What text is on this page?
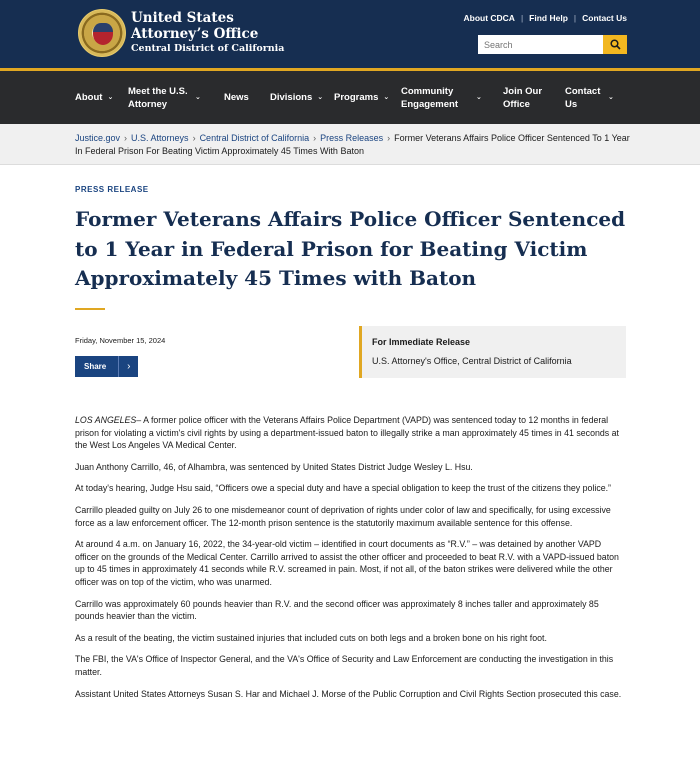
United States
Attorney’s Office
Central District of California
About CDCA | Find Help | Contact Us
Search
About ⌄
Meet the U.S. Attorney
⌄ News Divisions ⌄ Programs ⌄
Community Engagement
⌄
Join Our Office
Contact Us
⌄
Justice.gov › U.S. Attorneys › Central District of California › Press Releases › Former Veterans Affairs Police Officer Sentenced To 1 Year In Federal Prison For Beating Victim Approximately 45 Times With Baton
PRESS RELEASE
Former Veterans Affairs Police Officer Sentenced to 1 Year in Federal Prison for Beating Victim Approximately 45 Times with Baton
Friday, November 15, 2024
Share	›
For Immediate Release
U.S. Attorney's Office, Central District of California

LOS ANGELES– A former police officer with the Veterans Affairs Police Department (VAPD) was sentenced today to 12 months in federal prison for violating a victim's civil rights by using a department-issued baton to illegally strike a man approximately 45 times in 41 seconds at the West Los Angeles VA Medical Center.

Juan Anthony Carrillo, 46, of Alhambra, was sentenced by United States District Judge Wesley L. Hsu.

At today's hearing, Judge Hsu said, “Officers owe a special duty and have a special obligation to keep the trust of the citizens they police.”

Carrillo pleaded guilty on July 26 to one misdemeanor count of deprivation of rights under color of law and specifically, for using excessive force as a law enforcement officer. The 12-month prison sentence is the statutorily maximum available sentence for this offense.

At around 4 a.m. on January 16, 2022, the 34-year-old victim – identified in court documents as “R.V.” – was detained by another VAPD officer on the grounds of the Medical Center. Carrillo arrived to assist the other officer and proceeded to beat R.V. with a VAPD-issued baton up to 45 times in approximately 41 seconds while R.V. screamed in pain. Most, if not all, of the baton strikes were delivered while the other officer was on top of the victim, who was unarmed.

Carrillo was approximately 60 pounds heavier than R.V. and the second officer was approximately 8 inches taller and approximately 85 pounds heavier than the victim.

As a result of the beating, the victim sustained injuries that included cuts on both legs and a broken bone on his right foot.

The FBI, the VA's Office of Inspector General, and the VA's Office of Security and Law Enforcement are conducting the investigation in this matter.

Assistant United States Attorneys Susan S. Har and Michael J. Morse of the Public Corruption and Civil Rights Section prosecuted this case.
